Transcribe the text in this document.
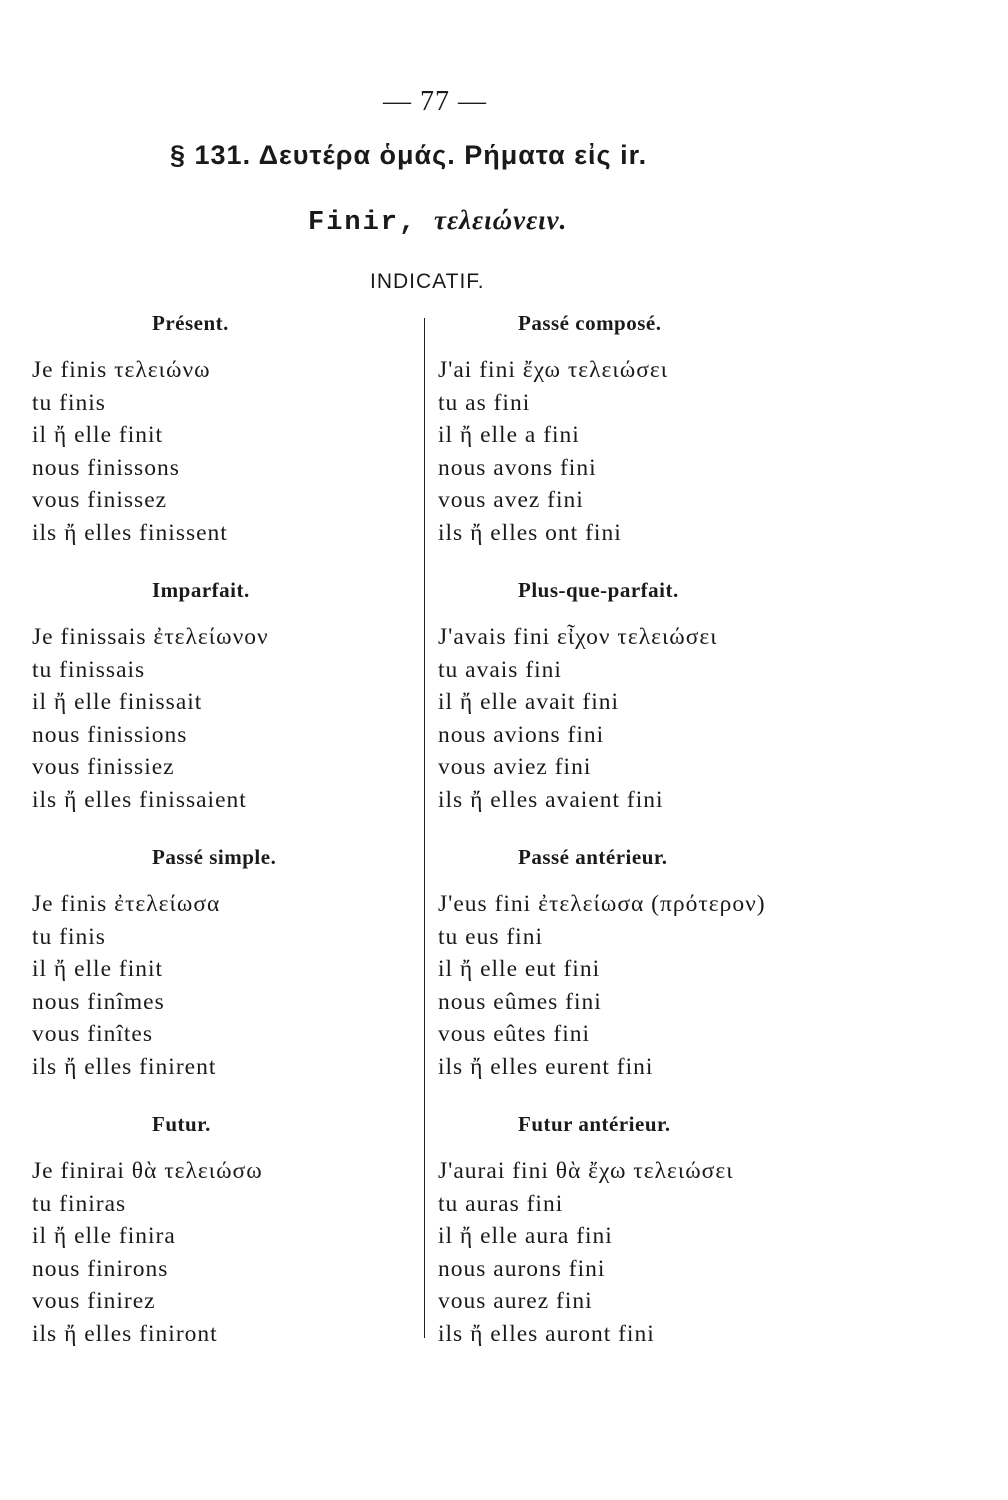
— 77 —
§ 131. Δευτέρα ὁμάς. Ρήματα εἰς ir.
Finir, τελειώνειν.
INDICATIF.
Présent.
Je finis τελειώνω
tu finis
il ἤ elle finit
nous finissons
vous finissez
ils ἤ elles finissent
Imparfait.
Je finissais ἐτελείωνον
tu finissais
il ἤ elle finissait
nous finissions
vous finissiez
ils ἤ elles finissaient
Passé simple.
Je finis ἐτελείωσα
tu finis
il ἤ elle finit
nous finîmes
vous finîtes
ils ἤ elles finirent
Futur.
Je finirai θὰ τελειώσω
tu finiras
il ἤ elle finira
nous finirons
vous finirez
ils ἤ elles finiront
Passé composé.
J'ai fini ἔχω τελειώσει
tu as fini
il ἤ elle a fini
nous avons fini
vous avez fini
ils ἤ elles ont fini
Plus-que-parfait.
J'avais fini εἶχον τελειώσει
tu avais fini
il ἤ elle avait fini
nous avions fini
vous aviez fini
ils ἤ elles avaient fini
Passé antérieur.
J'eus fini ἐτελείωσα (πρότερον)
tu eus fini
il ἤ elle eut fini
nous eûmes fini
vous eûtes fini
ils ἤ elles eurent fini
Futur antérieur.
J'aurai fini θὰ ἔχω τελειώσει
tu auras fini
il ἤ elle aura fini
nous aurons fini
vous aurez fini
ils ἤ elles auront fini
